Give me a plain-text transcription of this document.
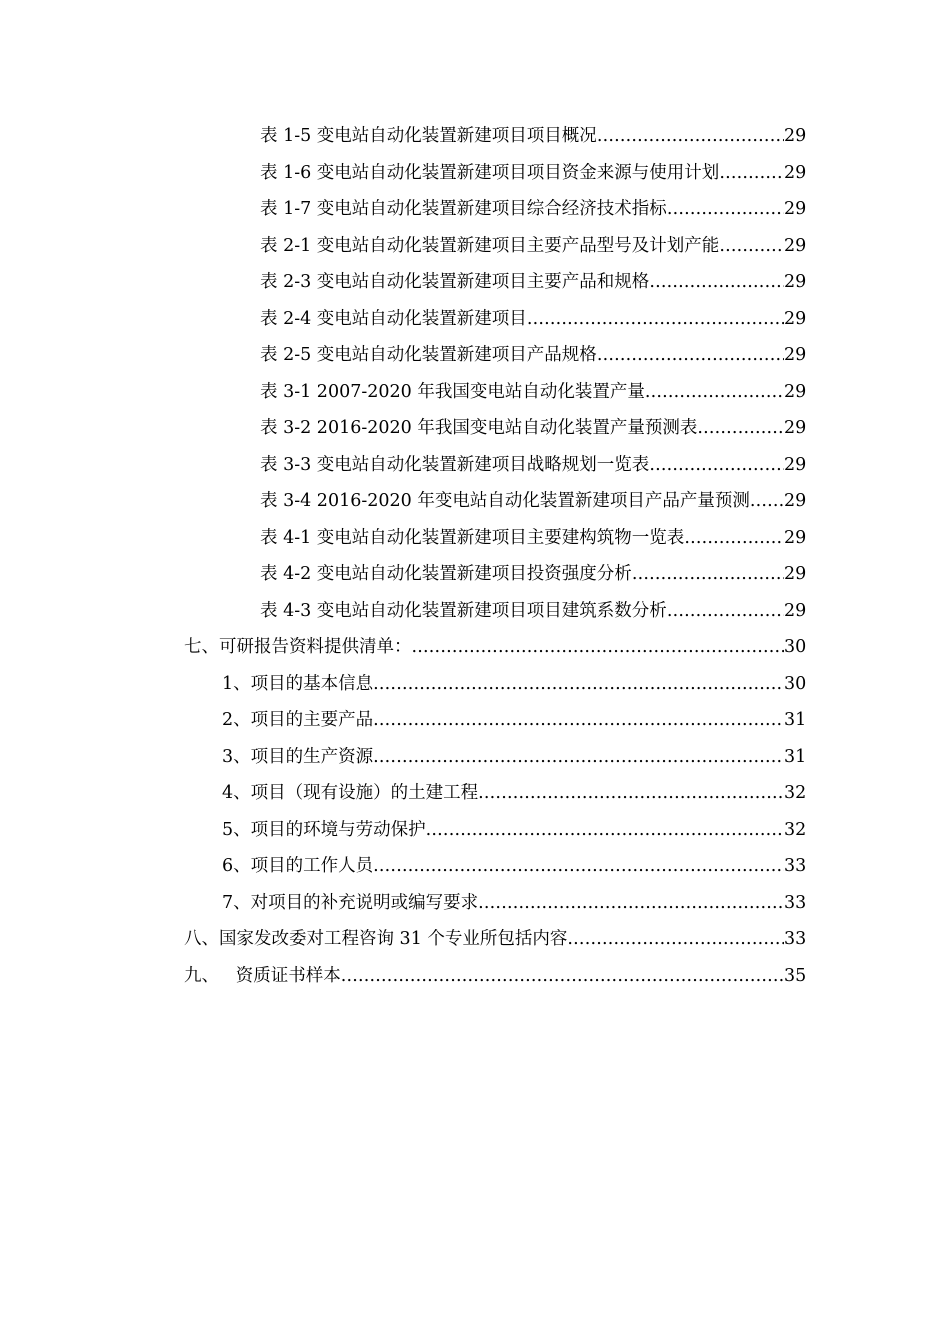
表 1-5 变电站自动化装置新建项目项目概况 .....	29
表 1-6 变电站自动化装置新建项目项目资金来源与使用计划 .....	29
表 1-7 变电站自动化装置新建项目综合经济技术指标 .....	29
表 2-1 变电站自动化装置新建项目主要产品型号及计划产能 .....	29
表 2-3 变电站自动化装置新建项目主要产品和规格 .....	29
表 2-4 变电站自动化装置新建项目 .....	29
表 2-5 变电站自动化装置新建项目产品规格 .....	29
表 3-1 2007-2020 年我国变电站自动化装置产量 .....	29
表 3-2 2016-2020 年我国变电站自动化装置产量预测表 .....	29
表 3-3 变电站自动化装置新建项目战略规划一览表 .....	29
表 3-4 2016-2020 年变电站自动化装置新建项目产品产量预测 ..... 29
表 4-1 变电站自动化装置新建项目主要建构筑物一览表 .....	29
表 4-2 变电站自动化装置新建项目投资强度分析 .....	29
表 4-3 变电站自动化装置新建项目项目建筑系数分析 .....	29
七、可研报告资料提供清单： .....	30
1、项目的基本信息 .....	30
2、项目的主要产品 .....	31
3、项目的生产资源 .....	31
4、项目（现有设施）的土建工程 .....	32
5、项目的环境与劳动保护 .....	32
6、项目的工作人员 .....	33
7、对项目的补充说明或编写要求 .....	33
八、国家发改委对工程咨询 31 个专业所包括内容 .....	33
九、   资质证书样本 .....	35
